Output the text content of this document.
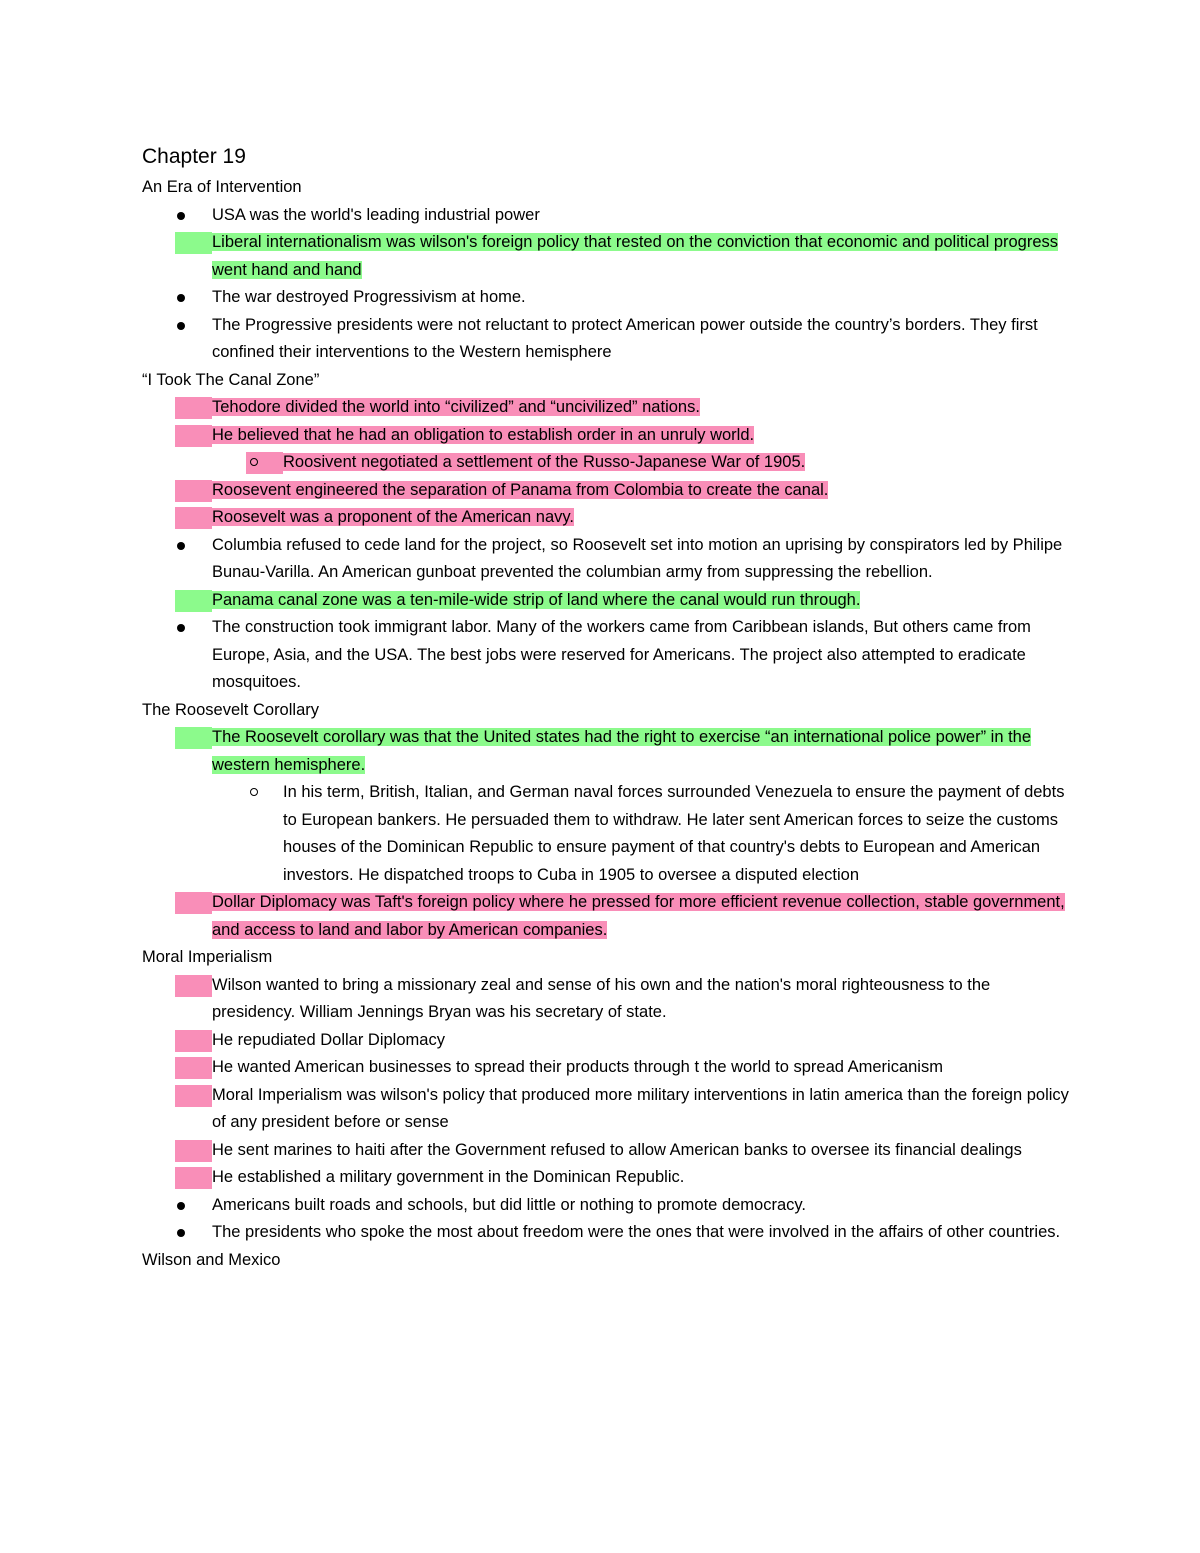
Chapter 19
An Era of Intervention
USA was the world's leading industrial power
Liberal internationalism was wilson's foreign policy that rested on the conviction that economic and political progress went hand and hand
The war destroyed Progressivism at home.
The Progressive presidents were not reluctant to protect American power outside the country’s borders. They first confined their interventions to the Western hemisphere
“I Took The Canal Zone”
Tehodore divided the world into “civilized” and “uncivilized” nations.
He believed that he had an obligation to establish order in an unruly world.
Roosivent negotiated a settlement of the Russo-Japanese War of 1905.
Roosevent engineered the separation of Panama from Colombia to create the canal.
Roosevelt was a proponent of the American navy.
Columbia refused to cede land for the project, so Roosevelt set into motion an uprising by conspirators led by Philipe Bunau-Varilla. An American gunboat prevented the columbian army from suppressing the rebellion.
Panama canal zone was a ten-mile-wide strip of land where the canal would run through.
The construction took immigrant labor. Many of the workers came from Caribbean islands, But others came from Europe, Asia, and the USA. The best jobs were reserved for Americans. The project also attempted to eradicate mosquitoes.
The Roosevelt Corollary
The Roosevelt corollary was that the United states had the right to exercise “an international police power” in the western hemisphere.
In his term, British, Italian, and German naval forces surrounded Venezuela to ensure the payment of debts to European bankers. He persuaded them to withdraw. He later sent American forces to seize the customs houses of the Dominican Republic to ensure payment of that country's debts to European and American investors. He dispatched troops to Cuba in 1905 to oversee a disputed election
Dollar Diplomacy was Taft's foreign policy where he pressed for more efficient revenue collection, stable government, and access to land and labor by American companies.
Moral Imperialism
Wilson wanted to bring a missionary zeal and sense of his own and the nation's moral righteousness to the presidency. William Jennings Bryan was his secretary of state.
He repudiated Dollar Diplomacy
He wanted American businesses to spread their products through t the world to spread Americanism
Moral Imperialism was wilson's policy that produced more military interventions in latin america than the foreign policy of any president before or sense
He sent marines to haiti after the Government refused to allow American banks to oversee its financial dealings
He established a military government in the Dominican Republic.
Americans built roads and schools, but did little or nothing to promote democracy.
The presidents who spoke the most about freedom were the ones that were involved in the affairs of other countries.
Wilson and Mexico
